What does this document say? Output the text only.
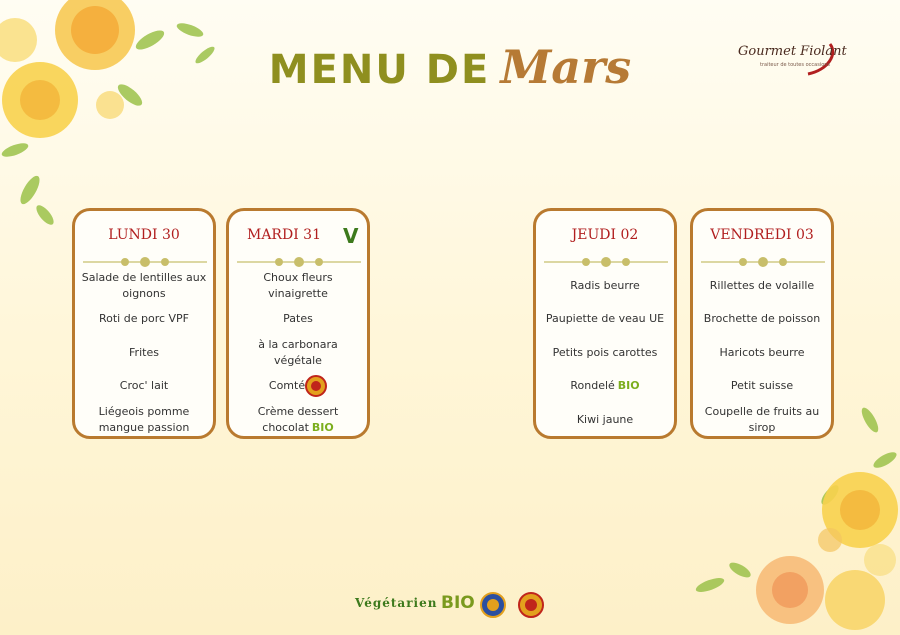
MENU DE Mars	Gourmet Fiolant
traiteur de toutes occasions
LUNDI 30
Salade de lentilles aux oignons
Roti de porc VPF
Frites
Croc' lait
Liégeois pomme mangue passion
MARDI 31	V
Choux fleurs vinaigrette
Pates
à la carbonara végétale
Comté
Crème dessert chocolat BIO
JEUDI 02
Radis beurre
Paupiette de veau UE
Petits pois carottes
Rondelé BIO
Kiwi jaune
VENDREDI 03
Rillettes de volaille
Brochette de poisson
Haricots beurre
Petit suisse
Coupelle de fruits au sirop
Végétarien BIO
